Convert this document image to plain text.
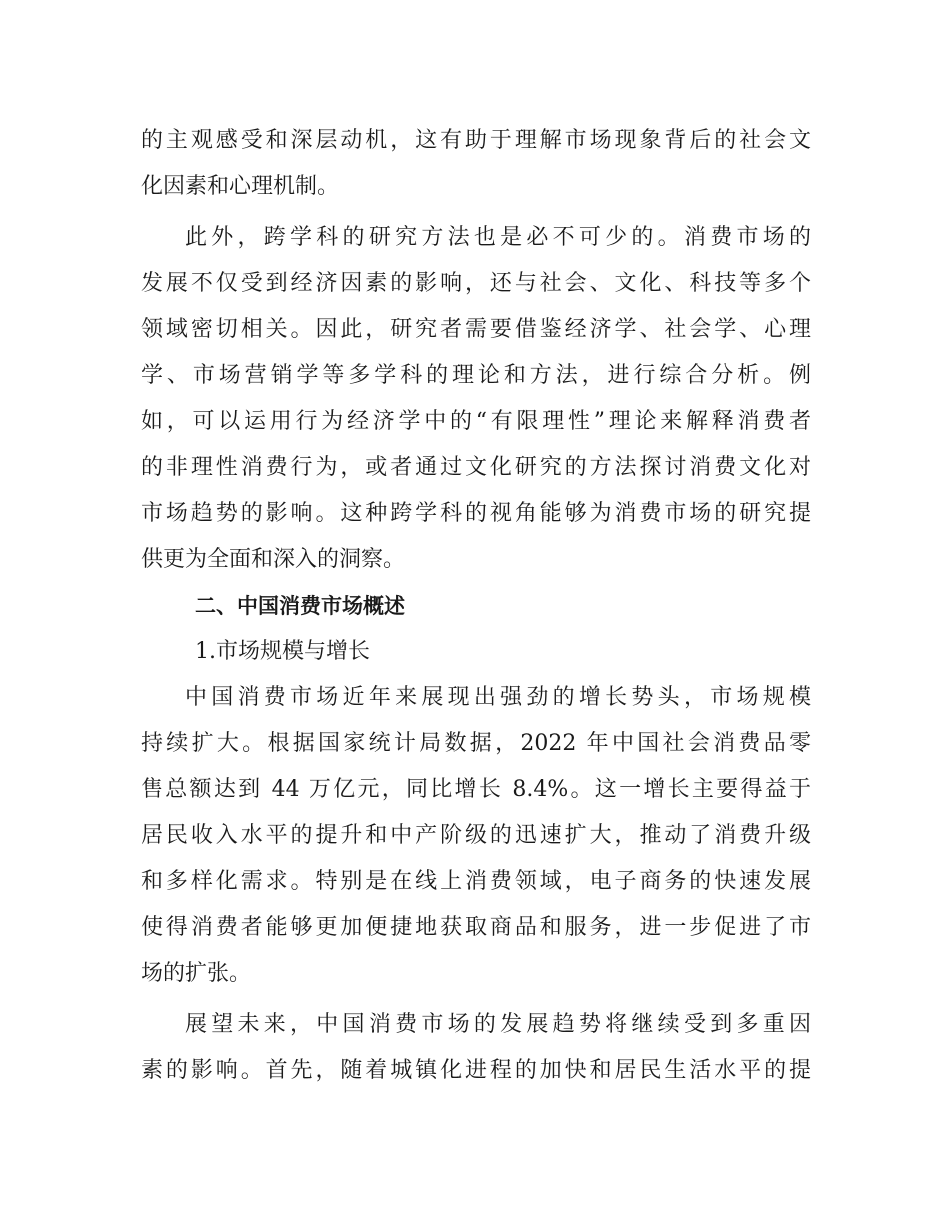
的主观感受和深层动机，这有助于理解市场现象背后的社会文
化因素和心理机制。
此外，跨学科的研究方法也是必不可少的。消费市场的
发展不仅受到经济因素的影响，还与社会、文化、科技等多个
领域密切相关。因此，研究者需要借鉴经济学、社会学、心理
学、市场营销学等多学科的理论和方法，进行综合分析。例
如，可以运用行为经济学中的“有限理性”理论来解释消费者
的非理性消费行为，或者通过文化研究的方法探讨消费文化对
市场趋势的影响。这种跨学科的视角能够为消费市场的研究提
供更为全面和深入的洞察。
二、中国消费市场概述
1.市场规模与增长
中国消费市场近年来展现出强劲的增长势头，市场规模
持续扩大。根据国家统计局数据，2022 年中国社会消费品零
售总额达到 44 万亿元，同比增长 8.4%。这一增长主要得益于
居民收入水平的提升和中产阶级的迅速扩大，推动了消费升级
和多样化需求。特别是在线上消费领域，电子商务的快速发展
使得消费者能够更加便捷地获取商品和服务，进一步促进了市
场的扩张。
展望未来，中国消费市场的发展趋势将继续受到多重因
素的影响。首先，随着城镇化进程的加快和居民生活水平的提
